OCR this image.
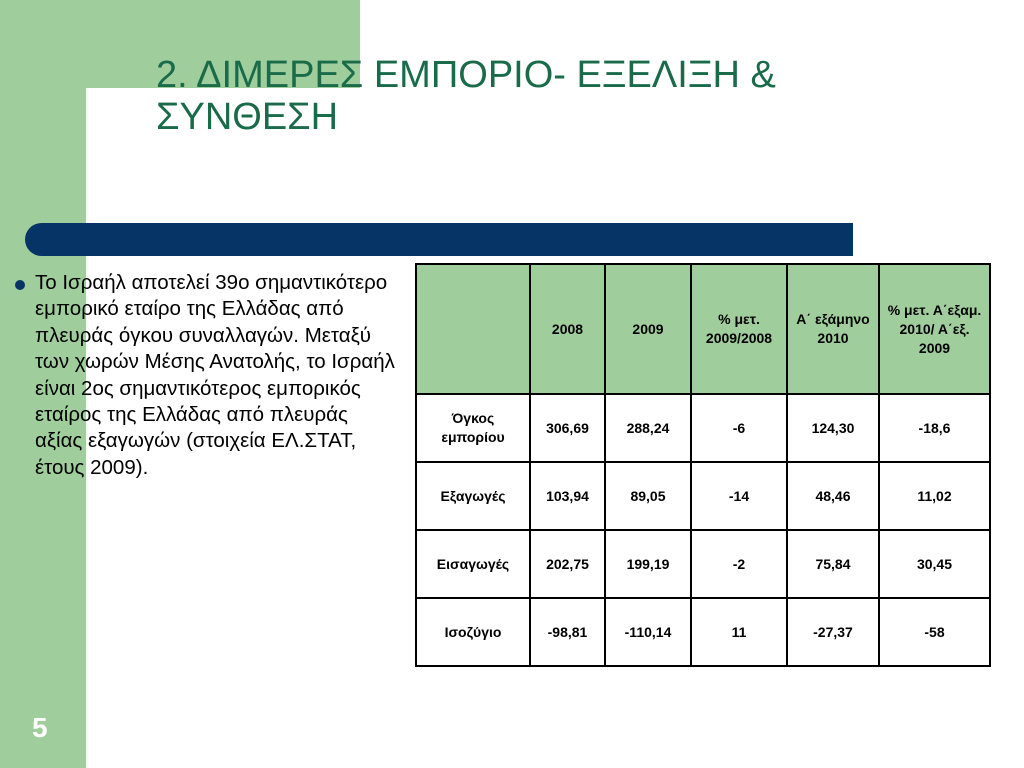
2. ΔΙΜΕΡΕΣ ΕΜΠΟΡΙΟ- ΕΞΕΛΙΞΗ &
ΣΥΝΘΕΣΗ

Το Ισραήλ αποτελεί 39ο σημαντικότερο εμπορικό εταίρο της Ελλάδας από πλευράς όγκου συναλλαγών. Μεταξύ των χωρών Μέσης Ανατολής, το Ισραήλ είναι 2ος σημαντικότερος εμπορικός εταίρος της Ελλάδας από πλευράς αξίας εξαγωγών (στοιχεία ΕΛ.ΣΤΑΤ, έτους 2009).

	2008	2009	% μετ. 2009/2008	Α΄ εξάμηνο 2010	% μετ. Α΄εξαμ. 2010/ Α΄εξ. 2009
Όγκος εμπορίου	306,69	288,24	-6	124,30	-18,6
Εξαγωγές	103,94	89,05	-14	48,46	11,02
Εισαγωγές	202,75	199,19	-2	75,84	30,45
Ισοζύγιο	-98,81	-110,14	11	-27,37	-58
5
